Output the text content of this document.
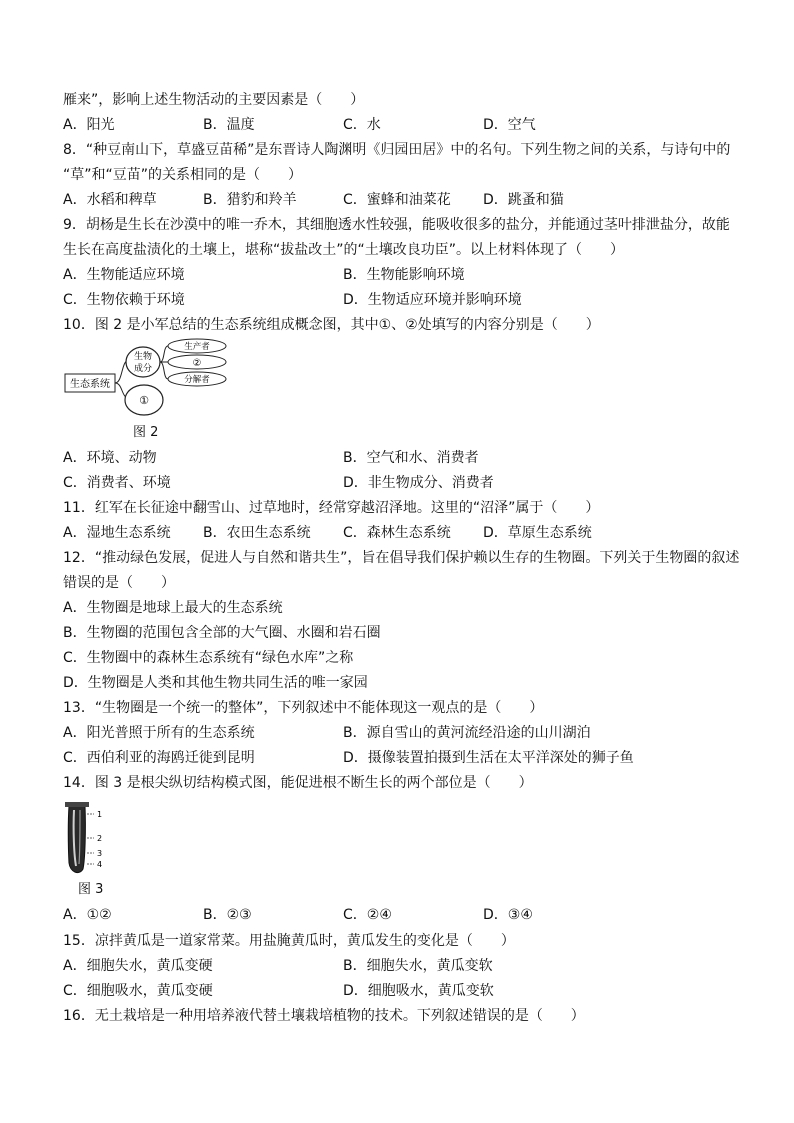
雁来”，影响上述生物活动的主要因素是（　　）
A．阳光	B．温度	C．水	D．空气
8．“种豆南山下，草盛豆苗稀”是东晋诗人陶渊明《归园田居》中的名句。下列生物之间的关系，与诗句中的
“草”和“豆苗”的关系相同的是（　　）
A．水稻和稗草	B．猎豹和羚羊	C．蜜蜂和油菜花 D．跳蚤和猫
9．胡杨是生长在沙漠中的唯一乔木，其细胞透水性较强，能吸收很多的盐分，并能通过茎叶排泄盐分，故能
生长在高度盐渍化的土壤上，堪称“拔盐改土”的“土壤改良功臣”。以上材料体现了（　　）
A．生物能适应环境	B．生物能影响环境
C．生物依赖于环境	D．生物适应环境并影响环境
10．图 2 是小军总结的生态系统组成概念图，其中①、②处填写的内容分别是（　　）
生态系统
生物
成分
①
生产者
②
分解者
图 2
A．环境、动物	B．空气和水、消费者
C．消费者、环境	D．非生物成分、消费者
11．红军在长征途中翻雪山、过草地时，经常穿越沼泽地。这里的“沼泽”属于（　　）
A．湿地生态系统 B．农田生态系统 C．森林生态系统 D．草原生态系统
12．“推动绿色发展，促进人与自然和谐共生”，旨在倡导我们保护赖以生存的生物圈。下列关于生物圈的叙述
错误的是（　　）
A．生物圈是地球上最大的生态系统
B．生物圈的范围包含全部的大气圈、水圈和岩石圈
C．生物圈中的森林生态系统有“绿色水库”之称
D．生物圈是人类和其他生物共同生活的唯一家园
13．“生物圈是一个统一的整体”，下列叙述中不能体现这一观点的是（　　）
A．阳光普照于所有的生态系统	B．源自雪山的黄河流经沿途的山川湖泊
C．西伯利亚的海鸥迁徙到昆明	D．摄像装置拍摄到生活在太平洋深处的狮子鱼
14．图 3 是根尖纵切结构模式图，能促进根不断生长的两个部位是（　　）
1
2
3
4
图 3
A．①②	B．②③	C．②④	D．③④
15．凉拌黄瓜是一道家常菜。用盐腌黄瓜时，黄瓜发生的变化是（　　）
A．细胞失水，黄瓜变硬	B．细胞失水，黄瓜变软
C．细胞吸水，黄瓜变硬	D．细胞吸水，黄瓜变软
16．无土栽培是一种用培养液代替土壤栽培植物的技术。下列叙述错误的是（　　）
